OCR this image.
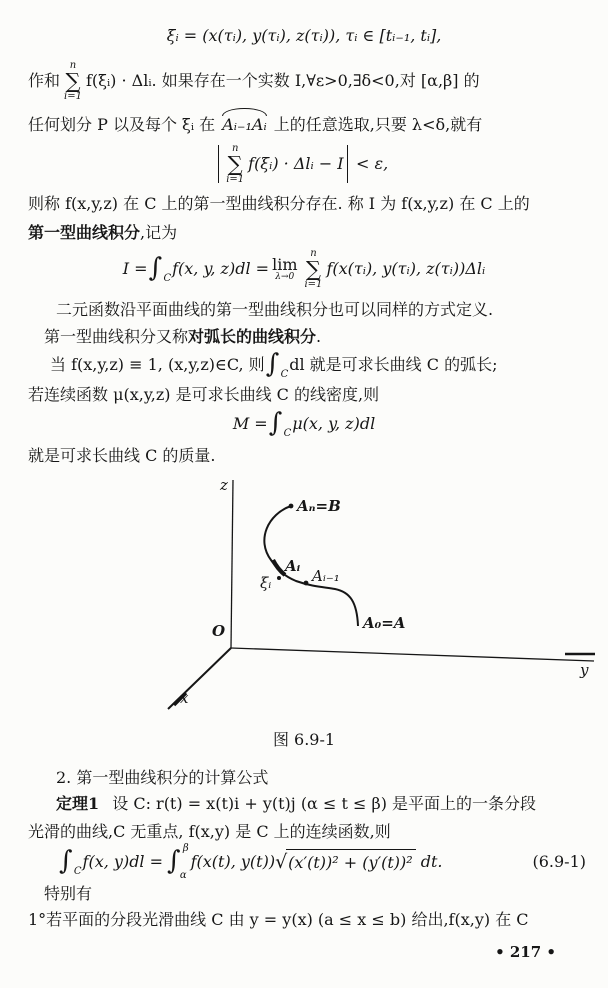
ξᵢ = (x(τᵢ), y(τᵢ), z(τᵢ)), τᵢ ∈ [tᵢ₋₁, tᵢ],
作和
n
∑
i=1
f(ξᵢ) · Δlᵢ. 如果存在一个实数 I,∀ε>0,∃δ<0,对 [α,β] 的
任何划分 P 以及每个 ξᵢ 在 Aᵢ₋₁Aᵢ 上的任意选取,只要 λ<δ,就有
n
∑
i=1
f(ξᵢ) · Δlᵢ − I < ε,
则称 f(x,y,z) 在 C 上的第一型曲线积分存在. 称 I 为 f(x,y,z) 在 C 上的
第一型曲线积分,记为
I = ∫ C
f(x, y, z)dl = lim
λ→0
n
∑
i=1
f(x(τᵢ), y(τᵢ), z(τᵢ))Δlᵢ
二元函数沿平面曲线的第一型曲线积分也可以同样的方式定义.
第一型曲线积分又称对弧长的曲线积分.
当 f(x,y,z) ≡ 1, (x,y,z)∈C, 则 ∫ C
dl 就是可求长曲线 C 的弧长;
若连续函数 μ(x,y,z) 是可求长曲线 C 的线密度,则
M = ∫ C
μ(x, y, z)dl
就是可求长曲线 C 的质量.
z
y
x
O
Aₙ=B
Aᵢ
ξᵢ	Aᵢ₋₁
A₀=A
图 6.9-1
2. 第一型曲线积分的计算公式
定理1 设 C: r(t) = x(t)i + y(t)j (α ≤ t ≤ β) 是平面上的一条分段
光滑的曲线,C 无重点, f(x,y) 是 C 上的连续函数,则
∫ C
f(x, y)dl = ∫ β
α
f(x(t), y(t)) √ (x′(t))² + (y′(t))² dt.	(6.9-1)
特别有
1°若平面的分段光滑曲线 C 由 y = y(x) (a ≤ x ≤ b) 给出,f(x,y) 在 C
• 217 •
